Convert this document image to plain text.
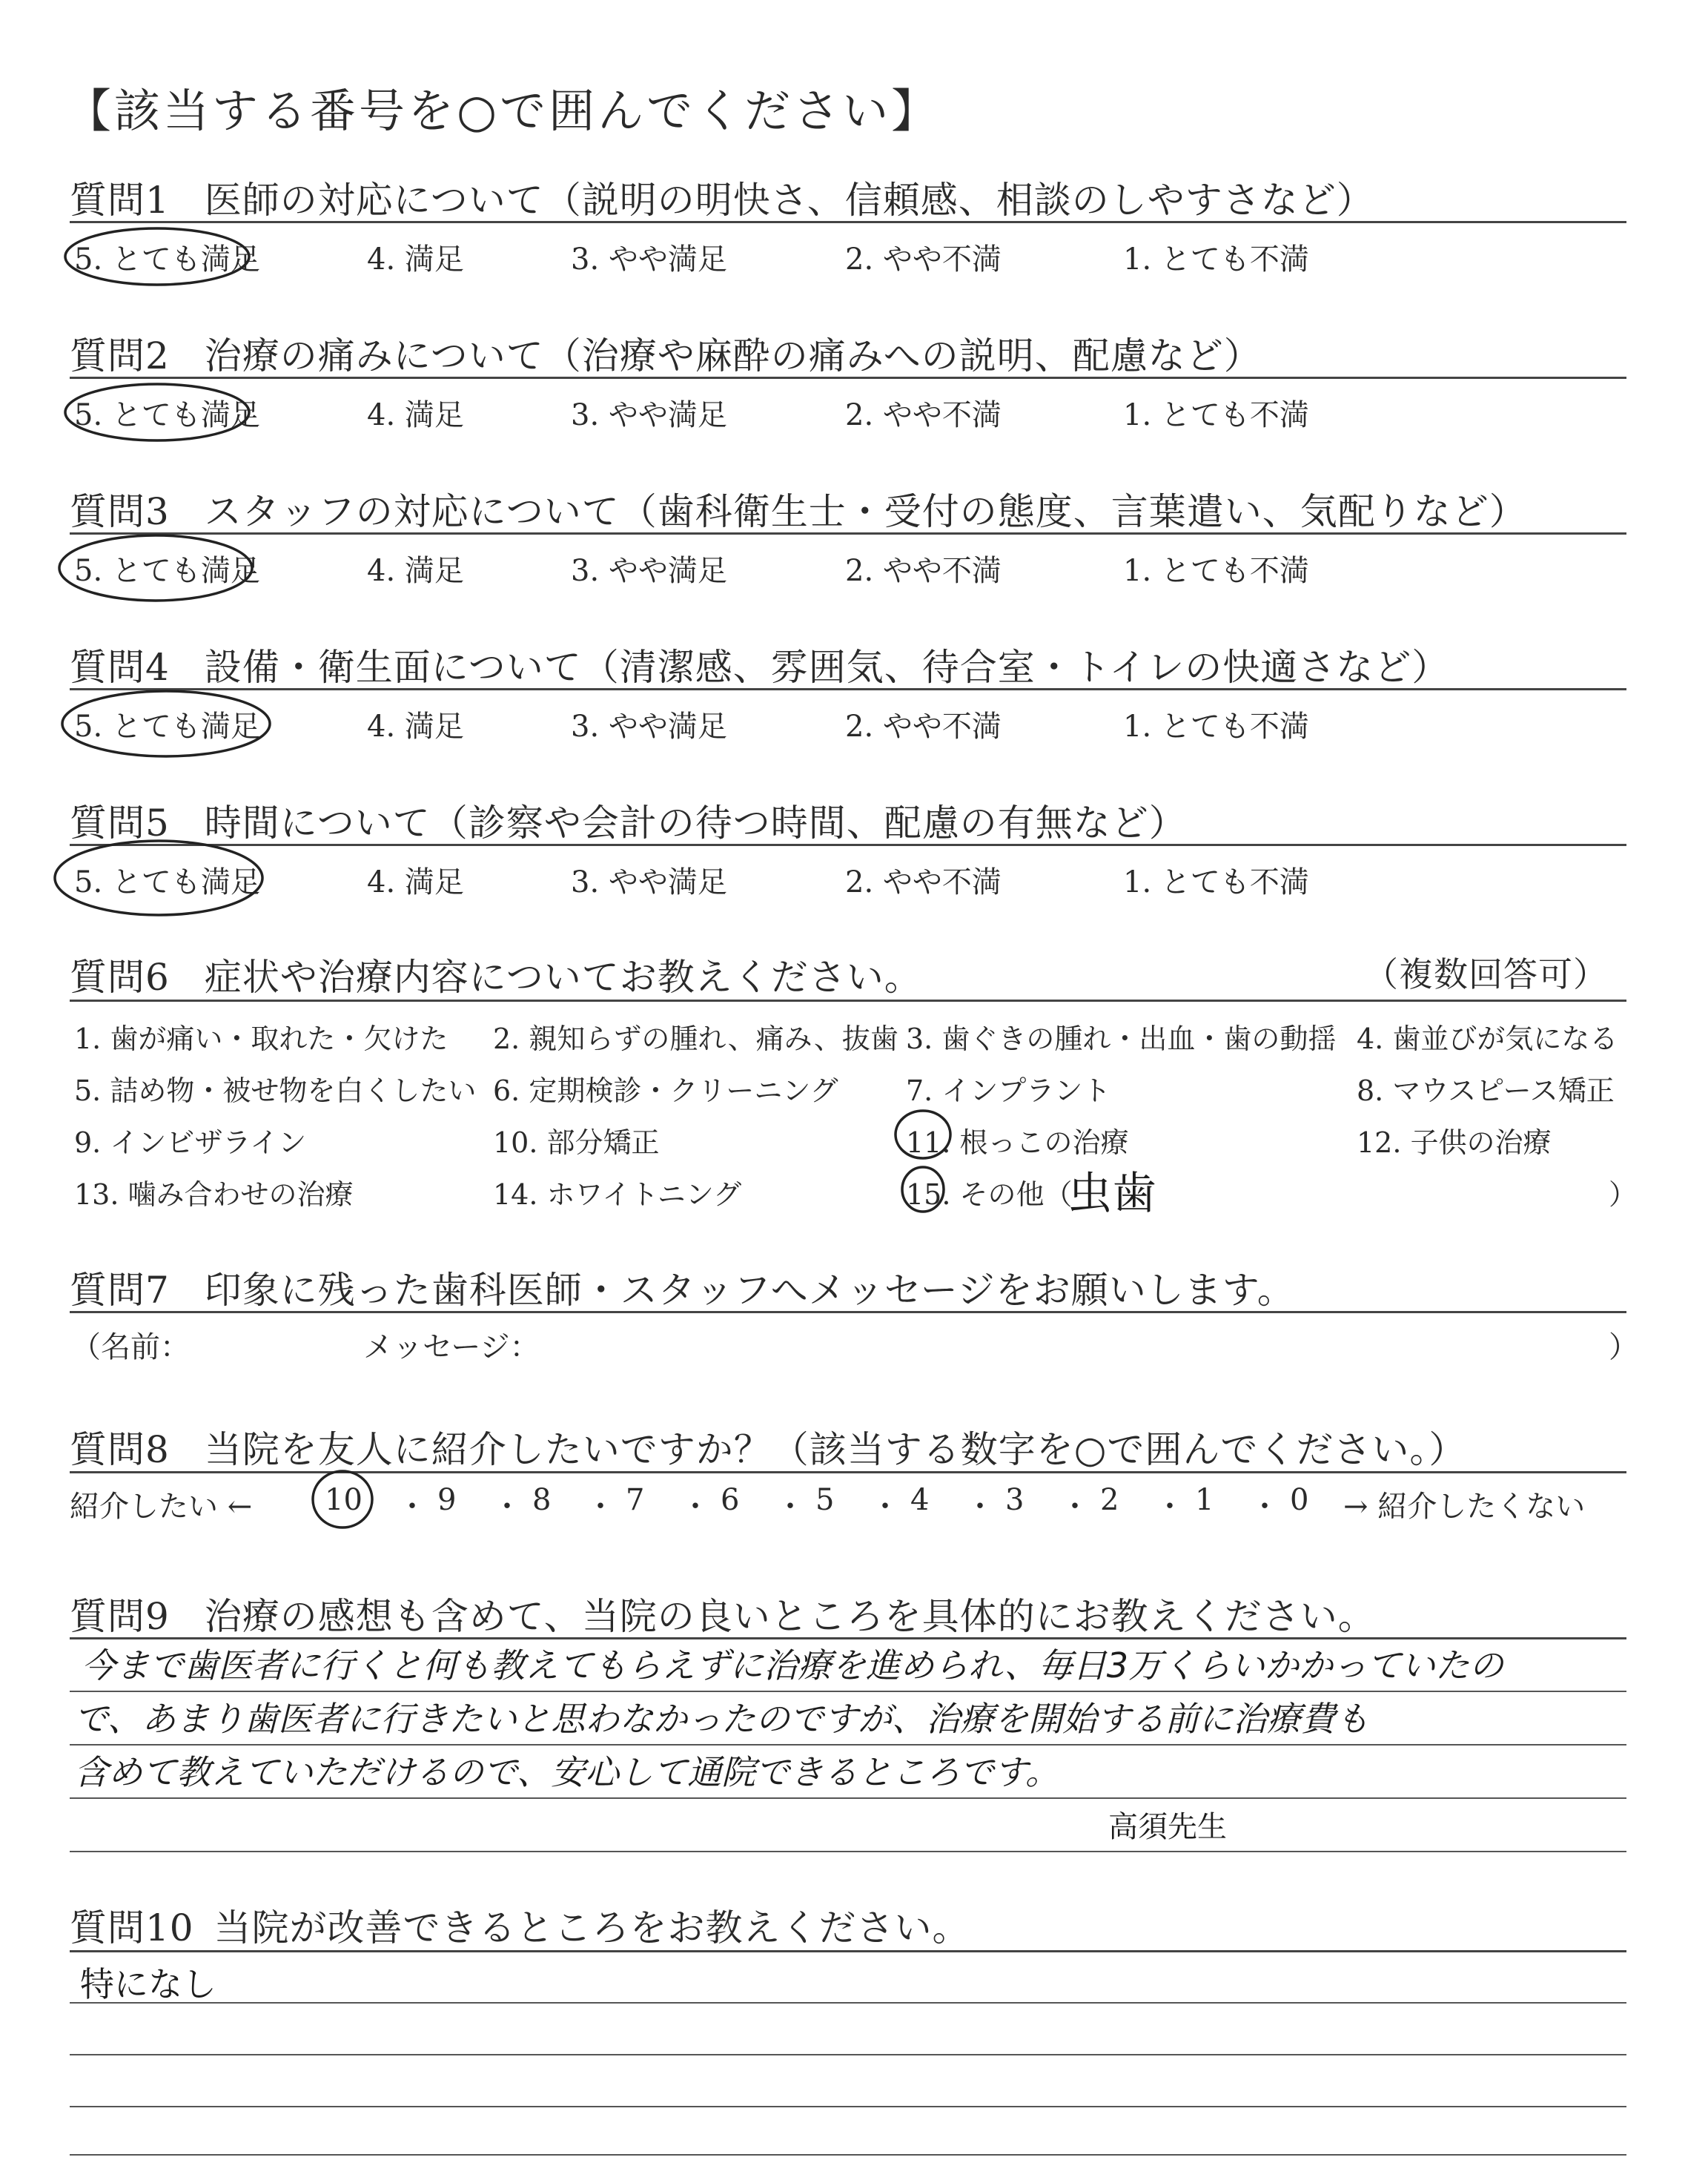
【該当する番号を○で囲んでください】
質問1 医師の対応について（説明の明快さ、信頼感、相談のしやすさなど）
5. とても満足	4. 満足	3. やや満足	2. やや不満	1. とても不満
質問2 治療の痛みについて（治療や麻酔の痛みへの説明、配慮など）
5. とても満足	4. 満足	3. やや満足	2. やや不満	1. とても不満
質問3 スタッフの対応について（歯科衛生士・受付の態度、言葉遣い、気配りなど）
5. とても満足	4. 満足	3. やや満足	2. やや不満	1. とても不満
質問4 設備・衛生面について（清潔感、雰囲気、待合室・トイレの快適さなど）
5. とても満足	4. 満足	3. やや満足	2. やや不満	1. とても不満
質問5 時間について（診察や会計の待つ時間、配慮の有無など）
5. とても満足	4. 満足	3. やや満足	2. やや不満	1. とても不満
質問6 症状や治療内容についてお教えください。	（複数回答可）
1. 歯が痛い・取れた・欠けた 2. 親知らずの腫れ、痛み、抜歯 3. 歯ぐきの腫れ・出血・歯の動揺 4. 歯並びが気になる
5. 詰め物・被せ物を白くしたい 6. 定期検診・クリーニング 7. インプラント	8. マウスピース矯正
9. インビザライン	10. 部分矯正	11. 根っこの治療	12. 子供の治療
13. 噛み合わせの治療	14. ホワイトニング	15. その他（
虫歯	）
質問7 印象に残った歯科医師・スタッフへメッセージをお願いします。
（名前：	メッセージ：	）
質問8 当院を友人に紹介したいですか？（該当する数字を○で囲んでください。）
紹介したい ←	→ 紹介したくない
10 ・ 9 ・ 8 ・ 7 ・ 6 ・ 5 ・ 4 ・ 3 ・ 2 ・ 1 ・ 0
質問9 治療の感想も含めて、当院の良いところを具体的にお教えください。
今まで歯医者に行くと何も教えてもらえずに治療を進められ、毎日3万くらいかかっていたの
で、あまり歯医者に行きたいと思わなかったのですが、治療を開始する前に治療費も
含めて教えていただけるので、安心して通院できるところです。
高須先生
質問10 当院が改善できるところをお教えください。
特になし
